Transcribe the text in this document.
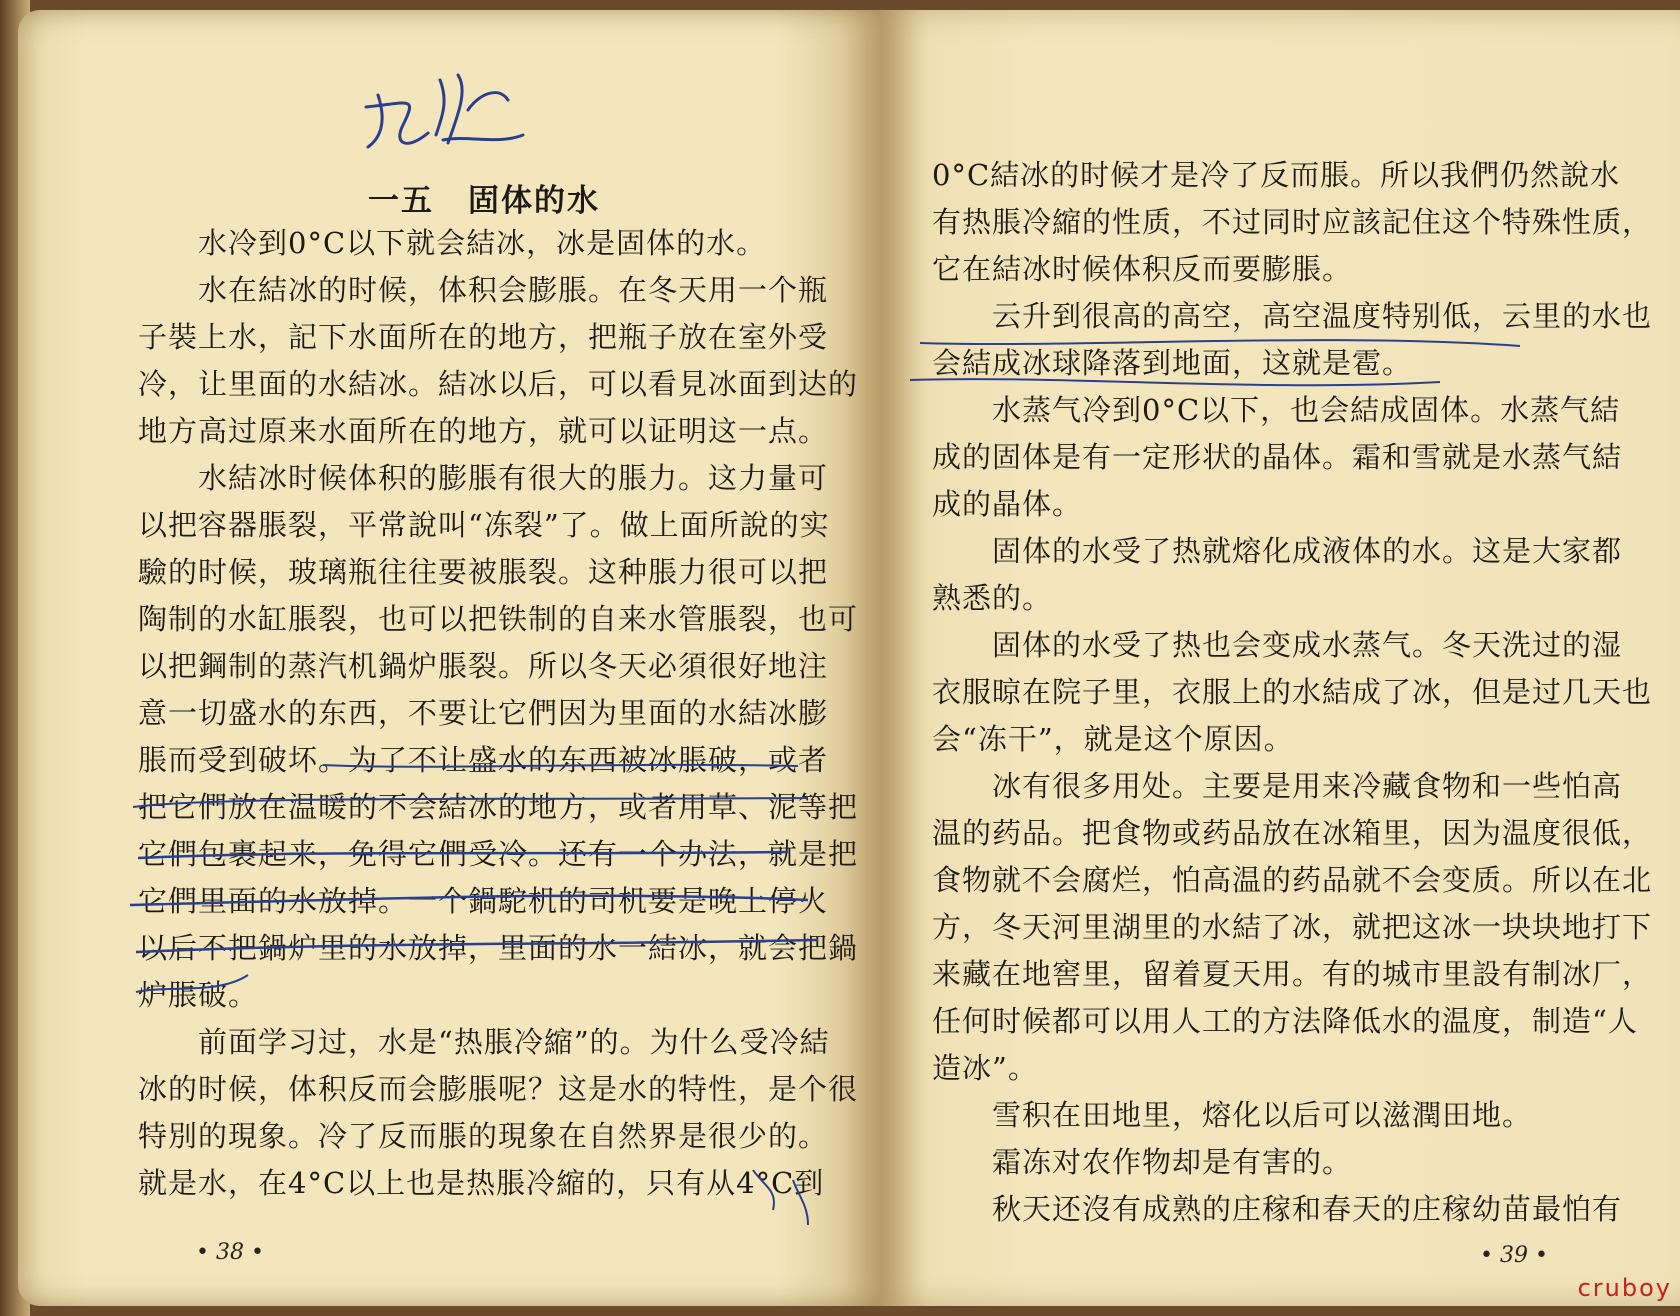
一五 固体的水
水冷到0°C以下就会結冰，冰是固体的水。
水在結冰的时候，体积会膨脹。在冬天用一个瓶
子裝上水，記下水面所在的地方，把瓶子放在室外受
冷，让里面的水結冰。結冰以后，可以看見冰面到达的
地方高过原来水面所在的地方，就可以证明这一点。
水結冰时候体积的膨脹有很大的脹力。这力量可
以把容器脹裂，平常說叫“冻裂”了。做上面所說的实
驗的时候，玻璃瓶往往要被脹裂。这种脹力很可以把
陶制的水缸脹裂，也可以把铁制的自来水管脹裂，也可
以把鋼制的蒸汽机鍋炉脹裂。所以冬天必須很好地注
意一切盛水的东西，不要让它們因为里面的水結冰膨
脹而受到破坏。为了不让盛水的东西被冰脹破，或者
把它們放在温暖的不会結冰的地方，或者用草、泥等把
它們包裹起来，免得它們受冷。还有一个办法，就是把
它們里面的水放掉。一个鍋駝机的司机要是晚上停火
以后不把鍋炉里的水放掉，里面的水一結冰，就会把鍋
炉脹破。
前面学习过，水是“热脹冷縮”的。为什么受冷結
冰的时候，体积反而会膨脹呢？这是水的特性，是个很
特別的現象。冷了反而脹的現象在自然界是很少的。
就是水，在4°C以上也是热脹冷縮的，只有从4°C到
• 38 •
0°C結冰的时候才是冷了反而脹。所以我們仍然說水
有热脹冷縮的性质，不过同时应該記住这个特殊性质，
它在結冰时候体积反而要膨脹。
云升到很高的高空，高空温度特别低，云里的水也
会結成冰球降落到地面，这就是雹。
水蒸气冷到0°C以下，也会結成固体。水蒸气結
成的固体是有一定形状的晶体。霜和雪就是水蒸气結
成的晶体。
固体的水受了热就熔化成液体的水。这是大家都
熟悉的。
固体的水受了热也会变成水蒸气。冬天洗过的湿
衣服晾在院子里，衣服上的水結成了冰，但是过几天也
会“冻干”，就是这个原因。
冰有很多用处。主要是用来冷藏食物和一些怕高
温的药品。把食物或药品放在冰箱里，因为温度很低，
食物就不会腐烂，怕高温的药品就不会变质。所以在北
方，冬天河里湖里的水結了冰，就把这冰一块块地打下
来藏在地窖里，留着夏天用。有的城市里設有制冰厂，
任何时候都可以用人工的方法降低水的温度，制造“人
造冰”。
雪积在田地里，熔化以后可以滋潤田地。
霜冻对农作物却是有害的。
秋天还沒有成熟的庄稼和春天的庄稼幼苗最怕有
• 39 •
cruboy
